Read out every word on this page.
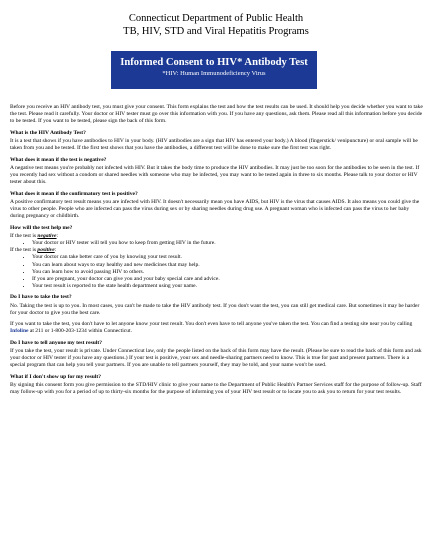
Connecticut Department of Public Health
TB, HIV, STD and Viral Hepatitis Programs
Informed Consent to HIV* Antibody Test
*HIV: Human Immunodeficiency Virus

Before you receive an HIV antibody test, you must give your consent. This form explains the test and how the test results can be used. It should help you decide whether you want to take the test. Please read it carefully. Your doctor or HIV tester must go over this information with you. If you have any questions, ask them. Please read all this information before you decide to be tested. If you want to be tested, please sign the back of this form.

What is the HIV Antibody Test?

It is a test that shows if you have antibodies to HIV in your body. (HIV antibodies are a sign that HIV has entered your body.) A blood (fingerstick/ venipuncture) or oral sample will be taken from you and be tested. If the first test shows that you have the antibodies, a different test will be done to make sure the first test was right.

What does it mean if the test is negative?

A negative test means you're probably not infected with HIV. But it takes the body time to produce the HIV antibodies. It may just be too soon for the antibodies to be seen in the test. If you recently had sex without a condom or shared needles with someone who may be infected, you may want to be tested again in three to six months. Please talk to your doctor or HIV tester about this.

What does it mean if the confirmatory test is positive?

A positive confirmatory test result means you are infected with HIV. It doesn't necessarily mean you have AIDS, but HIV is the virus that causes AIDS. It also means you could give the virus to other people. People who are infected can pass the virus during sex or by sharing needles during drug use. A pregnant woman who is infected can pass the virus to her baby during pregnancy or childbirth.

How will the test help me?
If the test is negative:
• Your doctor or HIV tester will tell you how to keep from getting HIV in the future.
If the test is positive:
• Your doctor can take better care of you by knowing your test result.
• You can learn about ways to stay healthy and new medicines that may help.
• You can learn how to avoid passing HIV to others.
• If you are pregnant, your doctor can give you and your baby special care and advice.
• Your test result is reported to the state health department using your name.
Do I have to take the test?

No. Taking the test is up to you. In most cases, you can't be made to take the HIV antibody test. If you don't want the test, you can still get medical care. But sometimes it may be harder for your doctor to give you the best care.

If you want to take the test, you don't have to let anyone know your test result. You don't even have to tell anyone you've taken the test. You can find a testing site near you by calling Infoline at 211 or 1-800-203-1234 within Connecticut.

Do I have to tell anyone my test result?

If you take the test, your result is private. Under Connecticut law, only the people listed on the back of this form may have the result. (Please be sure to read the back of this form and ask your doctor or HIV tester if you have any questions.) If your test is positive, your sex and needle-sharing partners need to know. This is true for past and present partners. There is a special program that can help you tell your partners. If you are unable to tell partners yourself, they may be told, and your name won't be used.

What if I don't show up for my result?

By signing this consent form you give permission to the STD/HIV clinic to give your name to the Department of Public Health's Partner Services staff for the purpose of follow-up. Staff may follow-up with you for a period of up to thirty-six months for the purpose of informing you of your HIV test result or to locate you to ask you to return for your test results.
